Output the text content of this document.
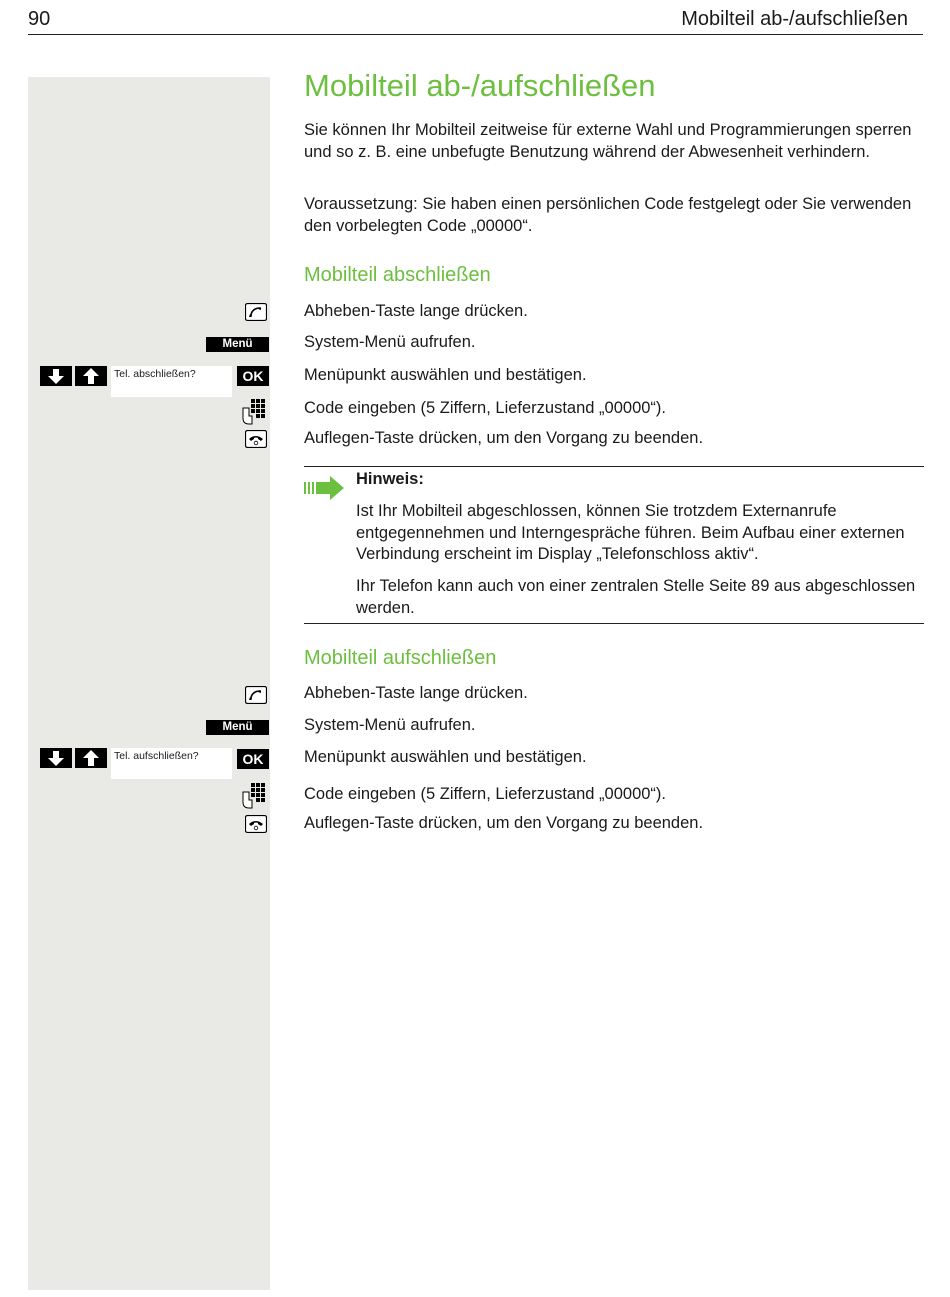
90	Mobilteil ab-/aufschließen
Mobilteil ab-/aufschließen
Sie können Ihr Mobilteil zeitweise für externe Wahl und Programmierungen sperren und so z. B. eine unbefugte Benutzung während der Abwesenheit verhindern.
Voraussetzung: Sie haben einen persönlichen Code festgelegt oder Sie verwenden den vorbelegten Code „00000“.
Mobilteil abschließen
Abheben-Taste lange drücken.
Menü	System-Menü aufrufen.
Tel. abschließen?	OK	Menüpunkt auswählen und bestätigen.
Code eingeben (5 Ziffern, Lieferzustand „00000“).
Auflegen-Taste drücken, um den Vorgang zu beenden.
Hinweis:
Ist Ihr Mobilteil abgeschlossen, können Sie trotzdem Externanrufe entgegennehmen und Interngespräche führen. Beim Aufbau einer externen Verbindung erscheint im Display „Telefonschloss aktiv“.
Ihr Telefon kann auch von einer zentralen Stelle Seite 89 aus abgeschlossen werden.
Mobilteil aufschließen
Abheben-Taste lange drücken.
Menü	System-Menü aufrufen.
Tel. aufschließen?	OK	Menüpunkt auswählen und bestätigen.
Code eingeben (5 Ziffern, Lieferzustand „00000“).
Auflegen-Taste drücken, um den Vorgang zu beenden.
